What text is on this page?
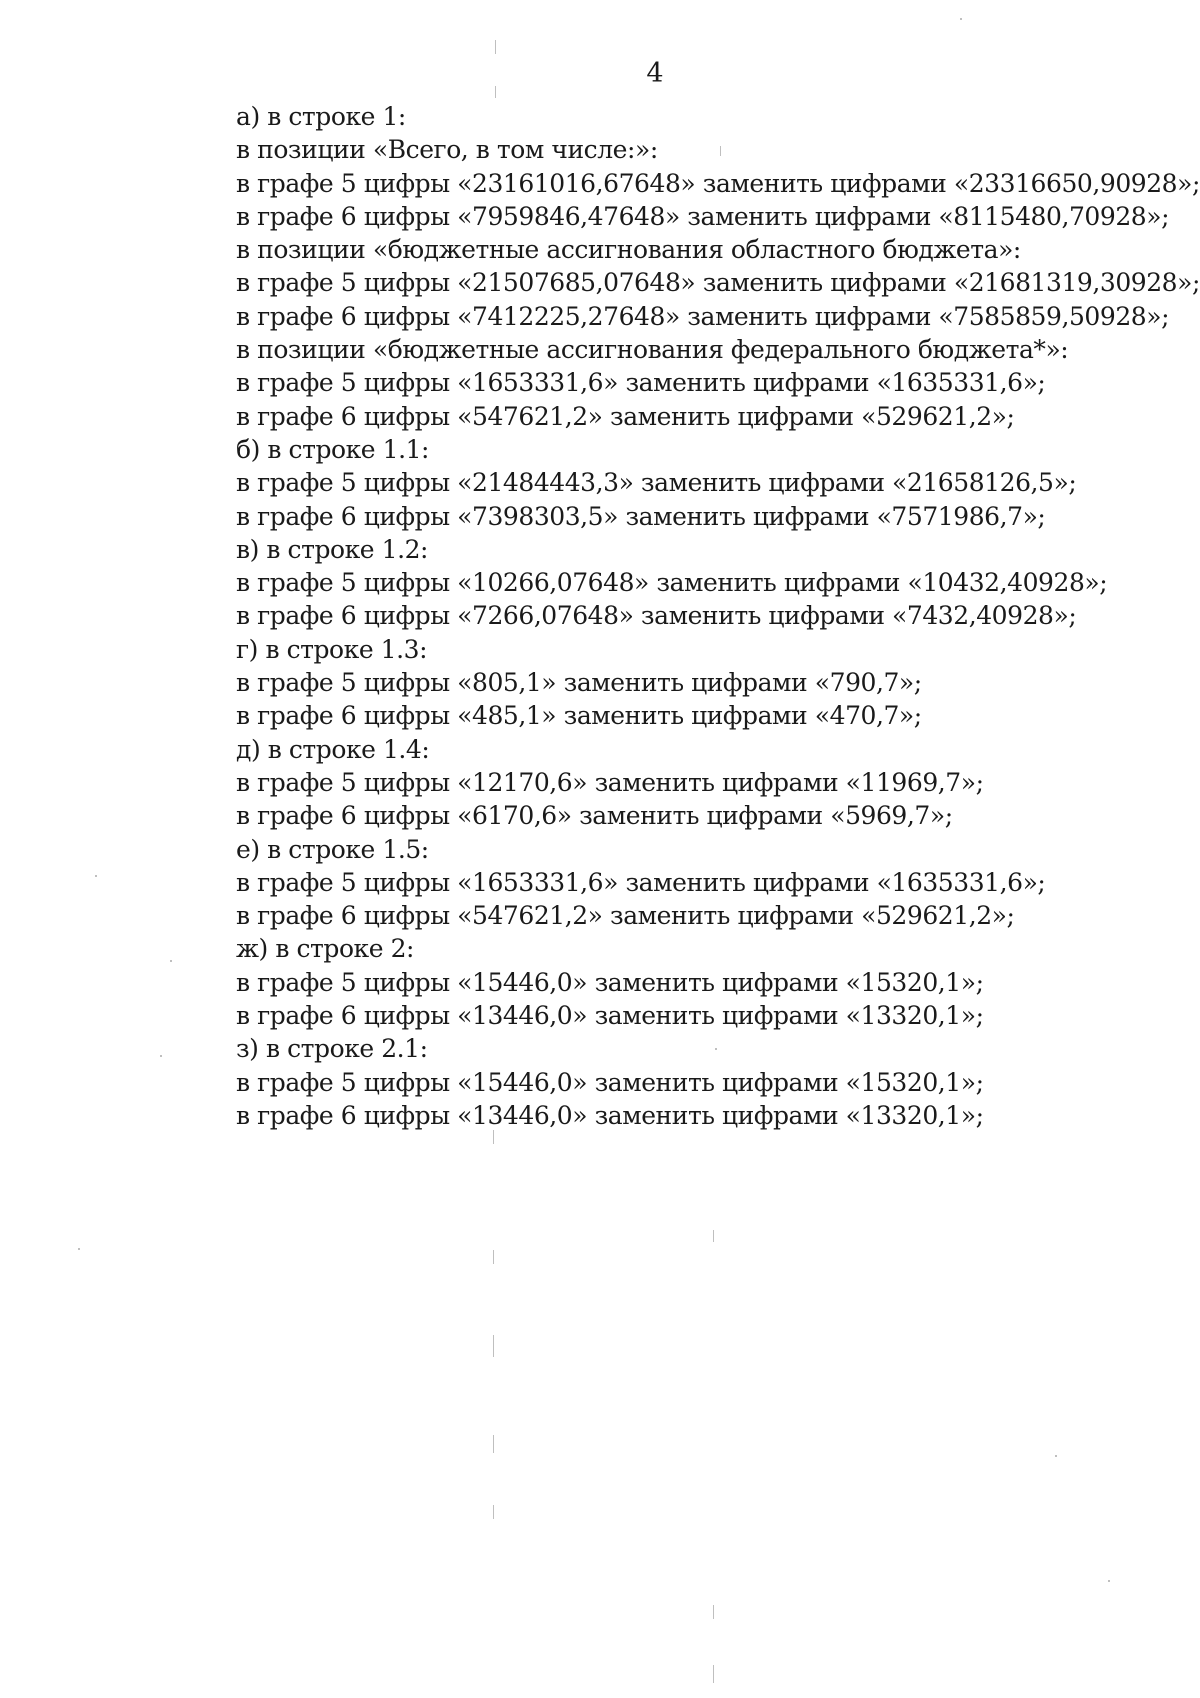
4
а) в строке 1:
в позиции «Всего, в том числе:»:
в графе 5 цифры «23161016,67648» заменить цифрами «23316650,90928»;
в графе 6 цифры «7959846,47648» заменить цифрами «8115480,70928»;
в позиции «бюджетные ассигнования областного бюджета»:
в графе 5 цифры «21507685,07648» заменить цифрами «21681319,30928»;
в графе 6 цифры «7412225,27648» заменить цифрами «7585859,50928»;
в позиции «бюджетные ассигнования федерального бюджета*»:
в графе 5 цифры «1653331,6» заменить цифрами «1635331,6»;
в графе 6 цифры «547621,2» заменить цифрами «529621,2»;
б) в строке 1.1:
в графе 5 цифры «21484443,3» заменить цифрами «21658126,5»;
в графе 6 цифры «7398303,5» заменить цифрами «7571986,7»;
в) в строке 1.2:
в графе 5 цифры «10266,07648» заменить цифрами «10432,40928»;
в графе 6 цифры «7266,07648» заменить цифрами «7432,40928»;
г) в строке 1.3:
в графе 5 цифры «805,1» заменить цифрами «790,7»;
в графе 6 цифры «485,1» заменить цифрами «470,7»;
д) в строке 1.4:
в графе 5 цифры «12170,6» заменить цифрами «11969,7»;
в графе 6 цифры «6170,6» заменить цифрами «5969,7»;
е) в строке 1.5:
в графе 5 цифры «1653331,6» заменить цифрами «1635331,6»;
в графе 6 цифры «547621,2» заменить цифрами «529621,2»;
ж) в строке 2:
в графе 5 цифры «15446,0» заменить цифрами «15320,1»;
в графе 6 цифры «13446,0» заменить цифрами «13320,1»;
з) в строке 2.1:
в графе 5 цифры «15446,0» заменить цифрами «15320,1»;
в графе 6 цифры «13446,0» заменить цифрами «13320,1»;
